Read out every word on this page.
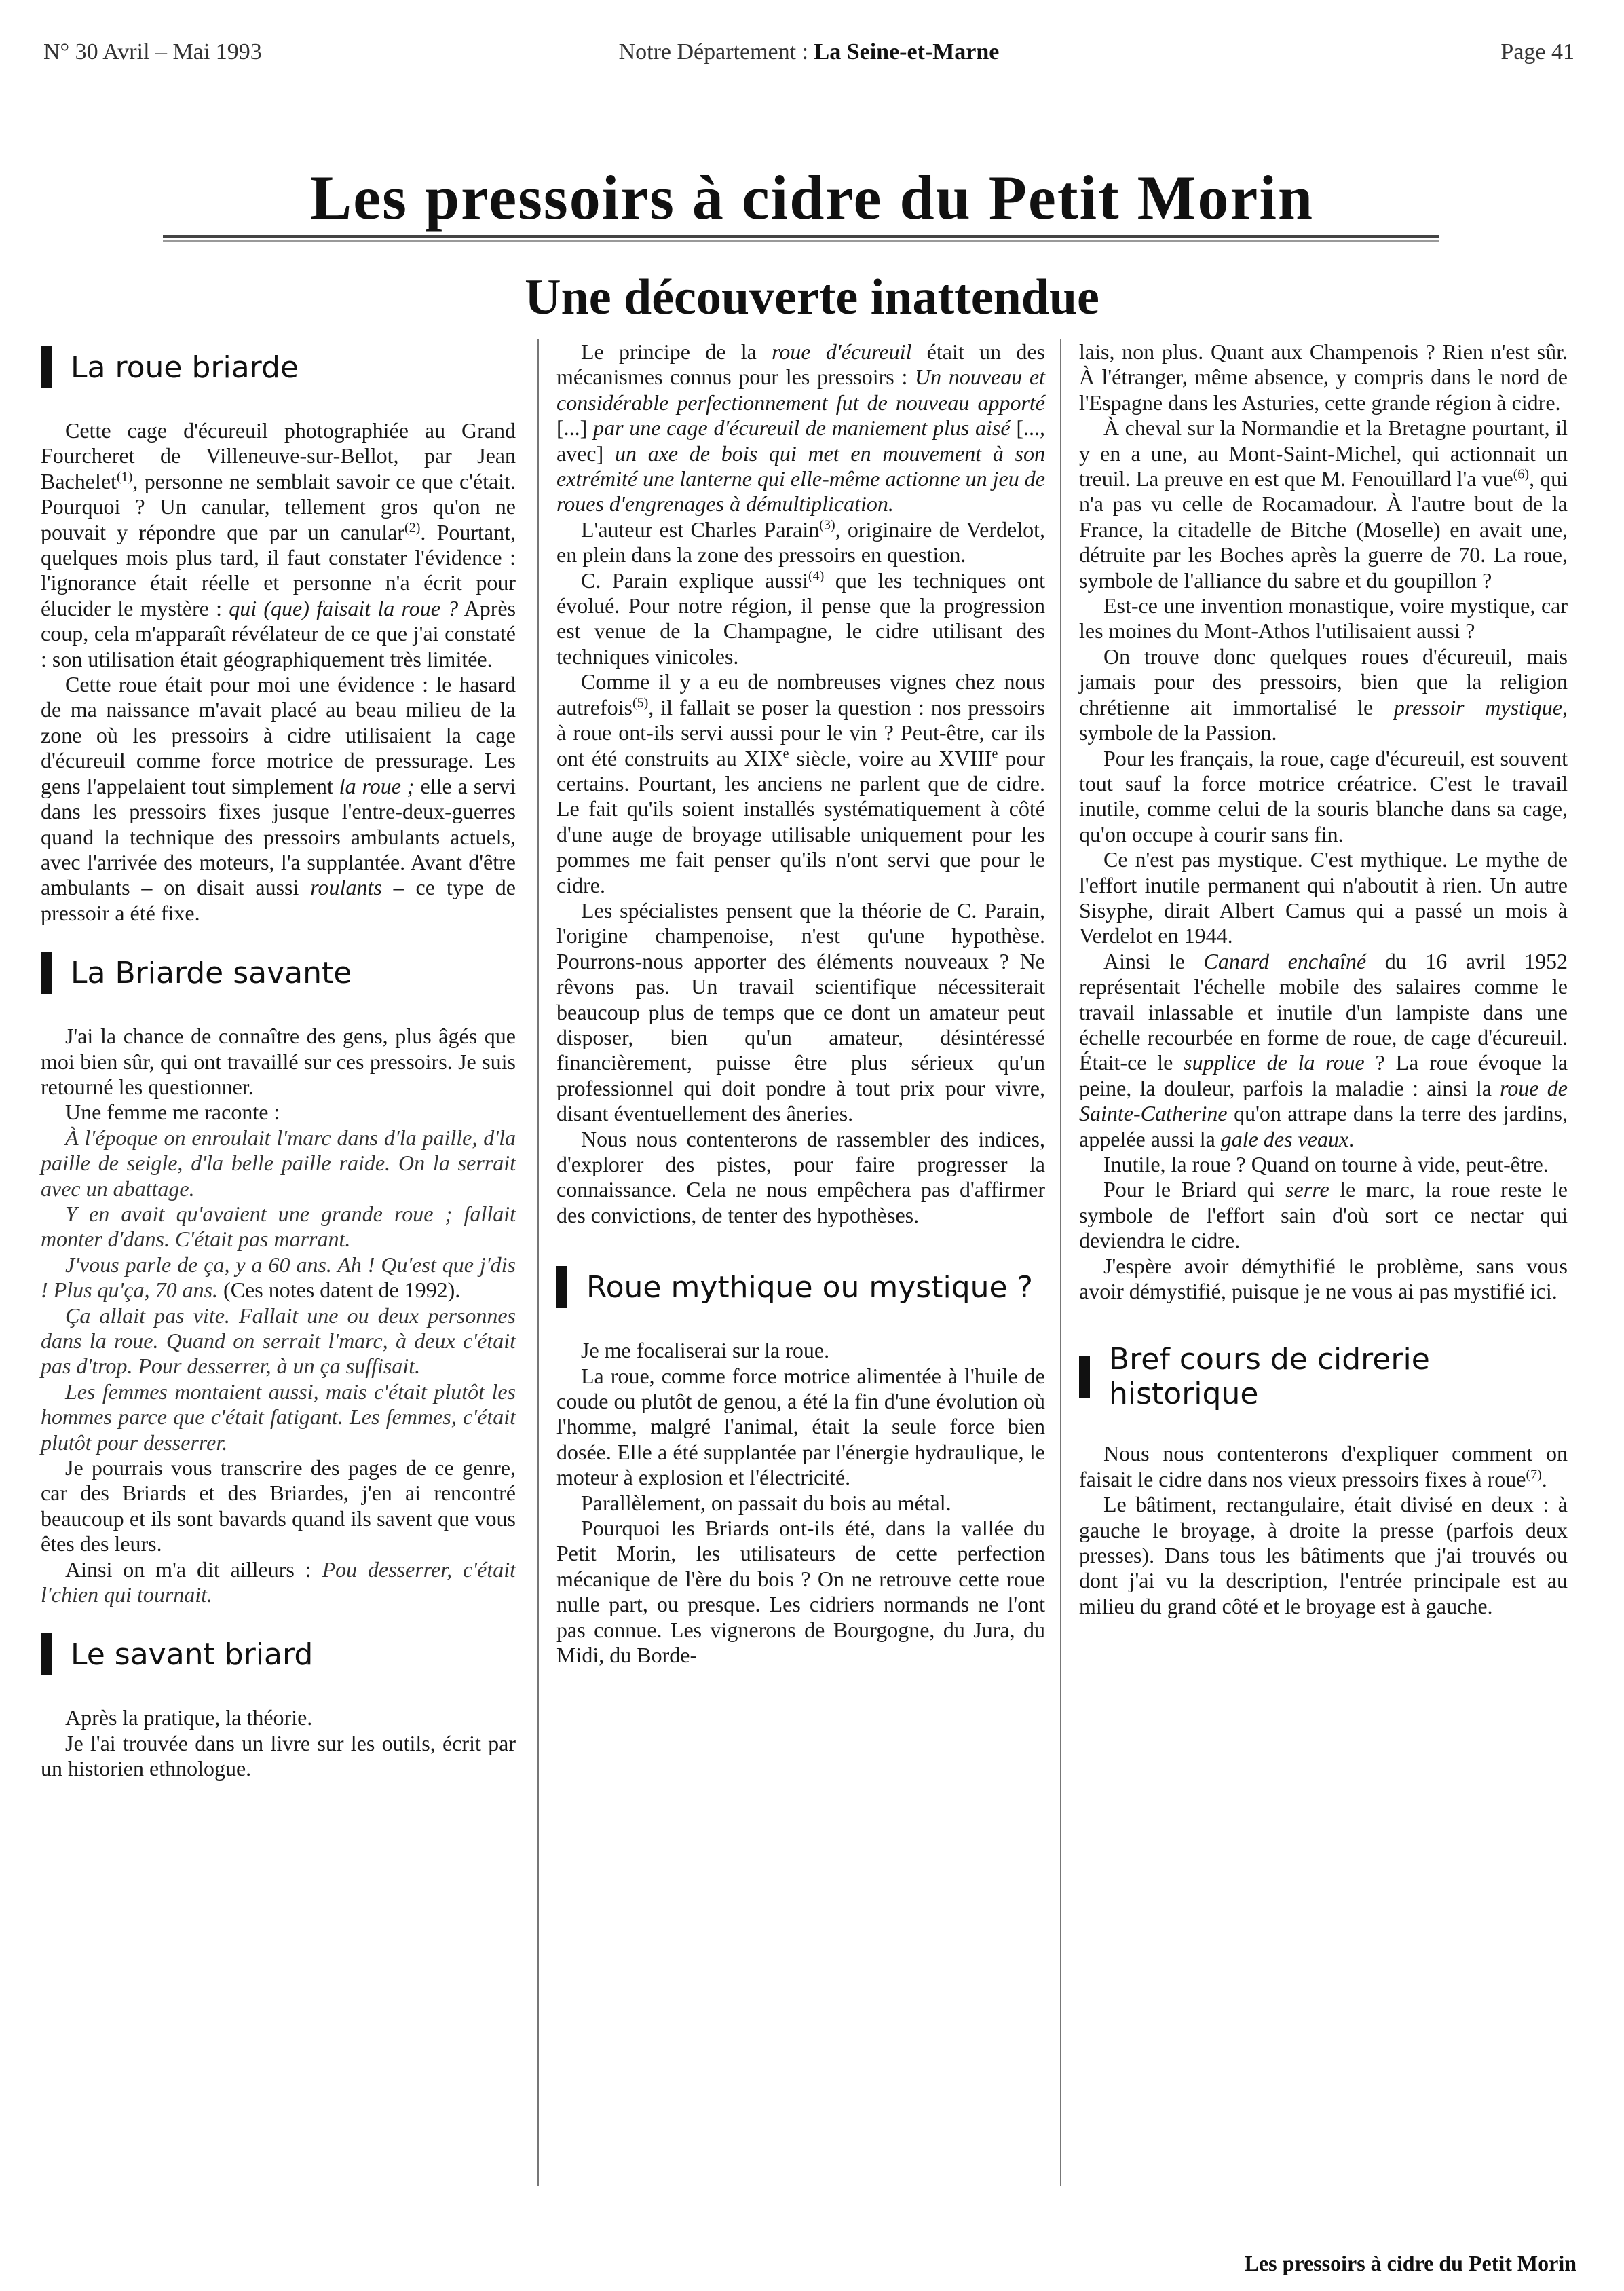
N° 30 Avril – Mai 1993	Notre Département : La Seine-et-Marne	Page 41
Les pressoirs à cidre du Petit Morin
Une découverte inattendue
La roue briarde

Cette cage d'écureuil photographiée au Grand Fourcheret de Villeneuve-sur-Bellot, par Jean Bachelet$^{(1)}$, personne ne semblait savoir ce que c'était. Pourquoi ? Un canular, tellement gros qu'on ne pouvait y répondre que par un canular$^{(2)}$. Pourtant, quelques mois plus tard, il faut constater l'évidence : l'ignorance était réelle et personne n'a écrit pour élucider le mystère : qui (que) faisait la roue ? Après coup, cela m'apparaît révélateur de ce que j'ai constaté : son utilisation était géographiquement très limitée.

Cette roue était pour moi une évidence : le hasard de ma naissance m'avait placé au beau milieu de la zone où les pressoirs à cidre utilisaient la cage d'écureuil comme force motrice de pressurage. Les gens l'appelaient tout simplement la roue ; elle a servi dans les pressoirs fixes jusque l'entre-deux-guerres quand la technique des pressoirs ambulants actuels, avec l'arrivée des moteurs, l'a supplantée. Avant d'être ambulants – on disait aussi roulants – ce type de pressoir a été fixe.

La Briarde savante

J'ai la chance de connaître des gens, plus âgés que moi bien sûr, qui ont travaillé sur ces pressoirs. Je suis retourné les questionner.

Une femme me raconte :

À l'époque on enroulait l'marc dans d'la paille, d'la paille de seigle, d'la belle paille raide. On la serrait avec un abattage.

Y en avait qu'avaient une grande roue ; fallait monter d'dans. C'était pas marrant.

J'vous parle de ça, y a 60 ans. Ah ! Qu'est que j'dis ! Plus qu'ça, 70 ans. (Ces notes datent de 1992).

Ça allait pas vite. Fallait une ou deux personnes dans la roue. Quand on serrait l'marc, à deux c'était pas d'trop. Pour desserrer, à un ça suffisait.

Les femmes montaient aussi, mais c'était plutôt les hommes parce que c'était fatigant. Les femmes, c'était plutôt pour desserrer.

Je pourrais vous transcrire des pages de ce genre, car des Briards et des Briardes, j'en ai rencontré beaucoup et ils sont bavards quand ils savent que vous êtes des leurs.

Ainsi on m'a dit ailleurs : Pou desserrer, c'était l'chien qui tournait.

Le savant briard

Après la pratique, la théorie.

Je l'ai trouvée dans un livre sur les outils, écrit par un historien ethnologue.

Le principe de la roue d'écureuil était un des mécanismes connus pour les pressoirs : Un nouveau et considérable perfectionnement fut de nouveau apporté [...] par une cage d'écureuil de maniement plus aisé [..., avec] un axe de bois qui met en mouvement à son extrémité une lanterne qui elle-même actionne un jeu de roues d'engrenages à démultiplication.

L'auteur est Charles Parain$^{(3)}$, originaire de Verdelot, en plein dans la zone des pressoirs en question.

C. Parain explique aussi$^{(4)}$ que les techniques ont évolué. Pour notre région, il pense que la progression est venue de la Champagne, le cidre utilisant des techniques vinicoles.

Comme il y a eu de nombreuses vignes chez nous autrefois$^{(5)}$, il fallait se poser la question : nos pressoirs à roue ont-ils servi aussi pour le vin ? Peut-être, car ils ont été construits au XIXe siècle, voire au XVIIIe pour certains. Pourtant, les anciens ne parlent que de cidre. Le fait qu'ils soient installés systématiquement à côté d'une auge de broyage utilisable uniquement pour les pommes me fait penser qu'ils n'ont servi que pour le cidre.

Les spécialistes pensent que la théorie de C. Parain, l'origine champenoise, n'est qu'une hypothèse. Pourrons-nous apporter des éléments nouveaux ? Ne rêvons pas. Un travail scientifique nécessiterait beaucoup plus de temps que ce dont un amateur peut disposer, bien qu'un amateur, désintéressé financièrement, puisse être plus sérieux qu'un professionnel qui doit pondre à tout prix pour vivre, disant éventuellement des âneries.

Nous nous contenterons de rassembler des indices, d'explorer des pistes, pour faire progresser la connaissance. Cela ne nous empêchera pas d'affirmer des convictions, de tenter des hypothèses.

Roue mythique ou mystique ?

Je me focaliserai sur la roue.

La roue, comme force motrice alimentée à l'huile de coude ou plutôt de genou, a été la fin d'une évolution où l'homme, malgré l'animal, était la seule force bien dosée. Elle a été supplantée par l'énergie hydraulique, le moteur à explosion et l'électricité.

Parallèlement, on passait du bois au métal.

Pourquoi les Briards ont-ils été, dans la vallée du Petit Morin, les utilisateurs de cette perfection mécanique de l'ère du bois ? On ne retrouve cette roue nulle part, ou presque. Les cidriers normands ne l'ont pas connue. Les vignerons de Bourgogne, du Jura, du Midi, du Borde-

lais, non plus. Quant aux Champenois ? Rien n'est sûr. À l'étranger, même absence, y compris dans le nord de l'Espagne dans les Asturies, cette grande région à cidre.

À cheval sur la Normandie et la Bretagne pourtant, il y en a une, au Mont-Saint-Michel, qui actionnait un treuil. La preuve en est que M. Fenouillard l'a vue$^{(6)}$, qui n'a pas vu celle de Rocamadour. À l'autre bout de la France, la citadelle de Bitche (Moselle) en avait une, détruite par les Boches après la guerre de 70. La roue, symbole de l'alliance du sabre et du goupillon ?

Est-ce une invention monastique, voire mystique, car les moines du Mont-Athos l'utilisaient aussi ?

On trouve donc quelques roues d'écureuil, mais jamais pour des pressoirs, bien que la religion chrétienne ait immortalisé le pressoir mystique, symbole de la Passion.

Pour les français, la roue, cage d'écureuil, est souvent tout sauf la force motrice créatrice. C'est le travail inutile, comme celui de la souris blanche dans sa cage, qu'on occupe à courir sans fin.

Ce n'est pas mystique. C'est mythique. Le mythe de l'effort inutile permanent qui n'aboutit à rien. Un autre Sisyphe, dirait Albert Camus qui a passé un mois à Verdelot en 1944.

Ainsi le Canard enchaîné du 16 avril 1952 représentait l'échelle mobile des salaires comme le travail inlassable et inutile d'un lampiste dans une échelle recourbée en forme de roue, de cage d'écureuil. Était-ce le supplice de la roue ? La roue évoque la peine, la douleur, parfois la maladie : ainsi la roue de Sainte-Catherine qu'on attrape dans la terre des jardins, appelée aussi la gale des veaux.

Inutile, la roue ? Quand on tourne à vide, peut-être.

Pour le Briard qui serre le marc, la roue reste le symbole de l'effort sain d'où sort ce nectar qui deviendra le cidre.

J'espère avoir démythifié le problème, sans vous avoir démystifié, puisque je ne vous ai pas mystifié ici.

Bref cours de cidrerie historique

Nous nous contenterons d'expliquer comment on faisait le cidre dans nos vieux pressoirs fixes à roue$^{(7)}$.

Le bâtiment, rectangulaire, était divisé en deux : à gauche le broyage, à droite la presse (parfois deux presses). Dans tous les bâtiments que j'ai trouvés ou dont j'ai vu la description, l'entrée principale est au milieu du grand côté et le broyage est à gauche.

Les pressoirs à cidre du Petit Morin
